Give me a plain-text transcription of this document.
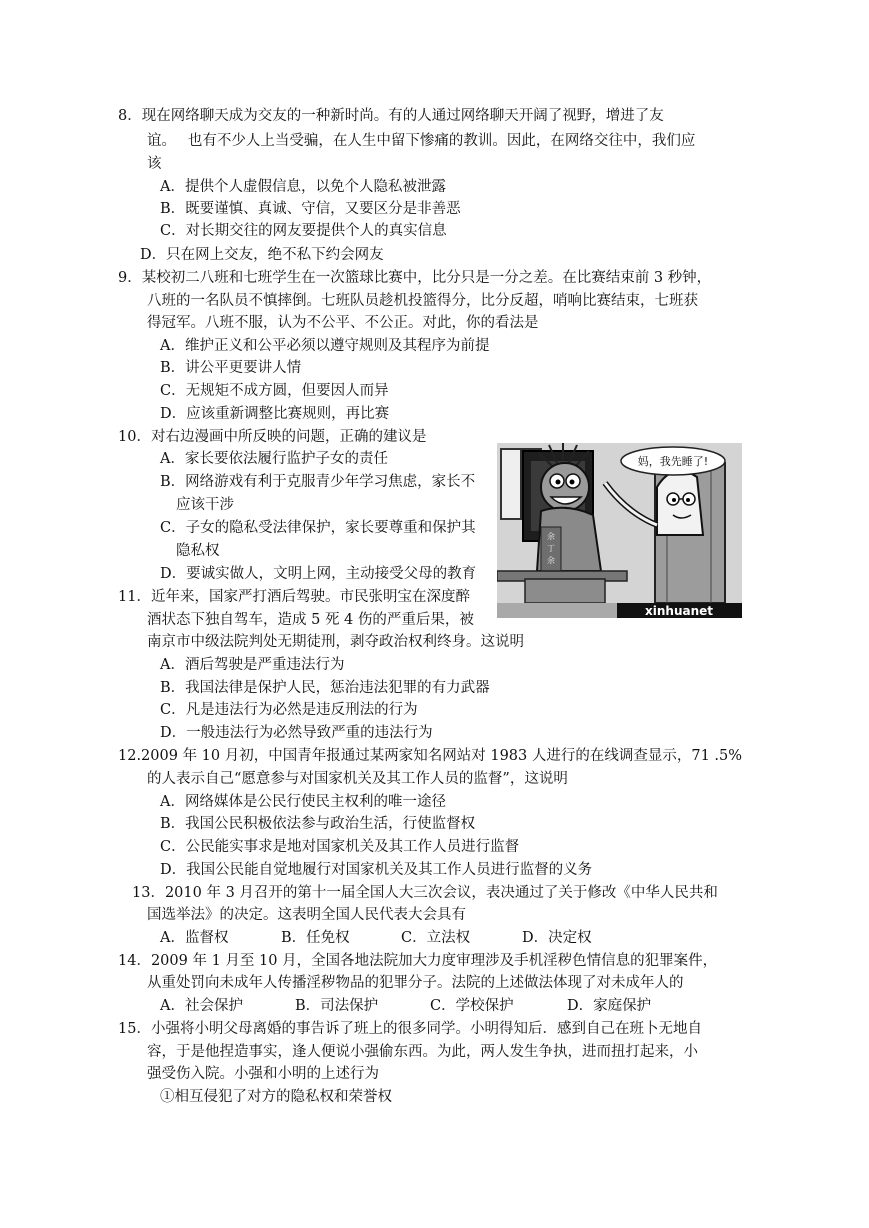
8．现在网络聊天成为交友的一种新时尚。有的人通过网络聊天开阔了视野，增进了友
谊。　 也有不少人上当受骗，在人生中留下惨痛的教训。因此，在网络交往中，我们应
该
A．提供个人虚假信息，以免个人隐私被泄露
B．既要谨慎、真诚、守信，又要区分是非善恶
C．对长期交往的网友要提供个人的真实信息
D．只在网上交友，绝不私下约会网友
9．某校初二八班和七班学生在一次篮球比赛中，比分只是一分之差。在比赛结束前 3 秒钟，
八班的一名队员不慎摔倒。七班队员趁机投篮得分，比分反超，哨响比赛结束，七班获
得冠军。八班不服，认为不公平、不公正。对此，你的看法是
A．维护正义和公平必须以遵守规则及其程序为前提
B．讲公平更要讲人情
C．无规矩不成方圆，但要因人而异
D．应该重新调整比赛规则，再比赛
10．对右边漫画中所反映的问题，正确的建议是
A．家长要依法履行监护子女的责任
B．网络游戏有利于克服青少年学习焦虑，家长不
应该干涉
C．子女的隐私受法律保护，家长要尊重和保护其
隐私权
D．要诚实做人，文明上网，主动接受父母的教育
余
丁
余
妈，我先睡了!
xinhuanet
11．近年来，国家严打酒后驾驶。市民张明宝在深度醉
酒状态下独自驾车，造成 5 死 4 伤的严重后果，被
南京市中级法院判处无期徒刑，剥夺政治权利终身。这说明
A．酒后驾驶是严重违法行为
B．我国法律是保护人民，惩治违法犯罪的有力武器
C．凡是违法行为必然是违反刑法的行为
D．一般违法行为必然导致严重的违法行为
12.2009 年 10 月初，中国青年报通过某两家知名网站对 1983 人进行的在线调查显示，71 .5%
的人表示自己“愿意参与对国家机关及其工作人员的监督”，这说明
A．网络媒体是公民行使民主权利的唯一途径
B．我国公民积极依法参与政治生活，行使监督权
C．公民能实事求是地对国家机关及其工作人员进行监督
D．我国公民能自觉地履行对国家机关及其工作人员进行监督的义务
13．2010 年 3 月召开的第十一届全国人大三次会议，表决通过了关于修改《中华人民共和
国选举法》的决定。这表明全国人民代表大会具有
A．监督权	B．任免权	C．立法权	D．决定权
14．2009 年 1 月至 10 月，全国各地法院加大力度审理涉及手机淫秽色情信息的犯罪案件，
从重处罚向未成年人传播淫秽物品的犯罪分子。法院的上述做法体现了对未成年人的
A．社会保护	B．司法保护	C．学校保护	D．家庭保护
15．小强将小明父母离婚的事告诉了班上的很多同学。小明得知后．感到自己在班卜无地自
容，于是他捏造事实，逢人便说小强偷东西。为此，两人发生争执，进而扭打起来，小
强受伤入院。小强和小明的上述行为
①相互侵犯了对方的隐私权和荣誉权
